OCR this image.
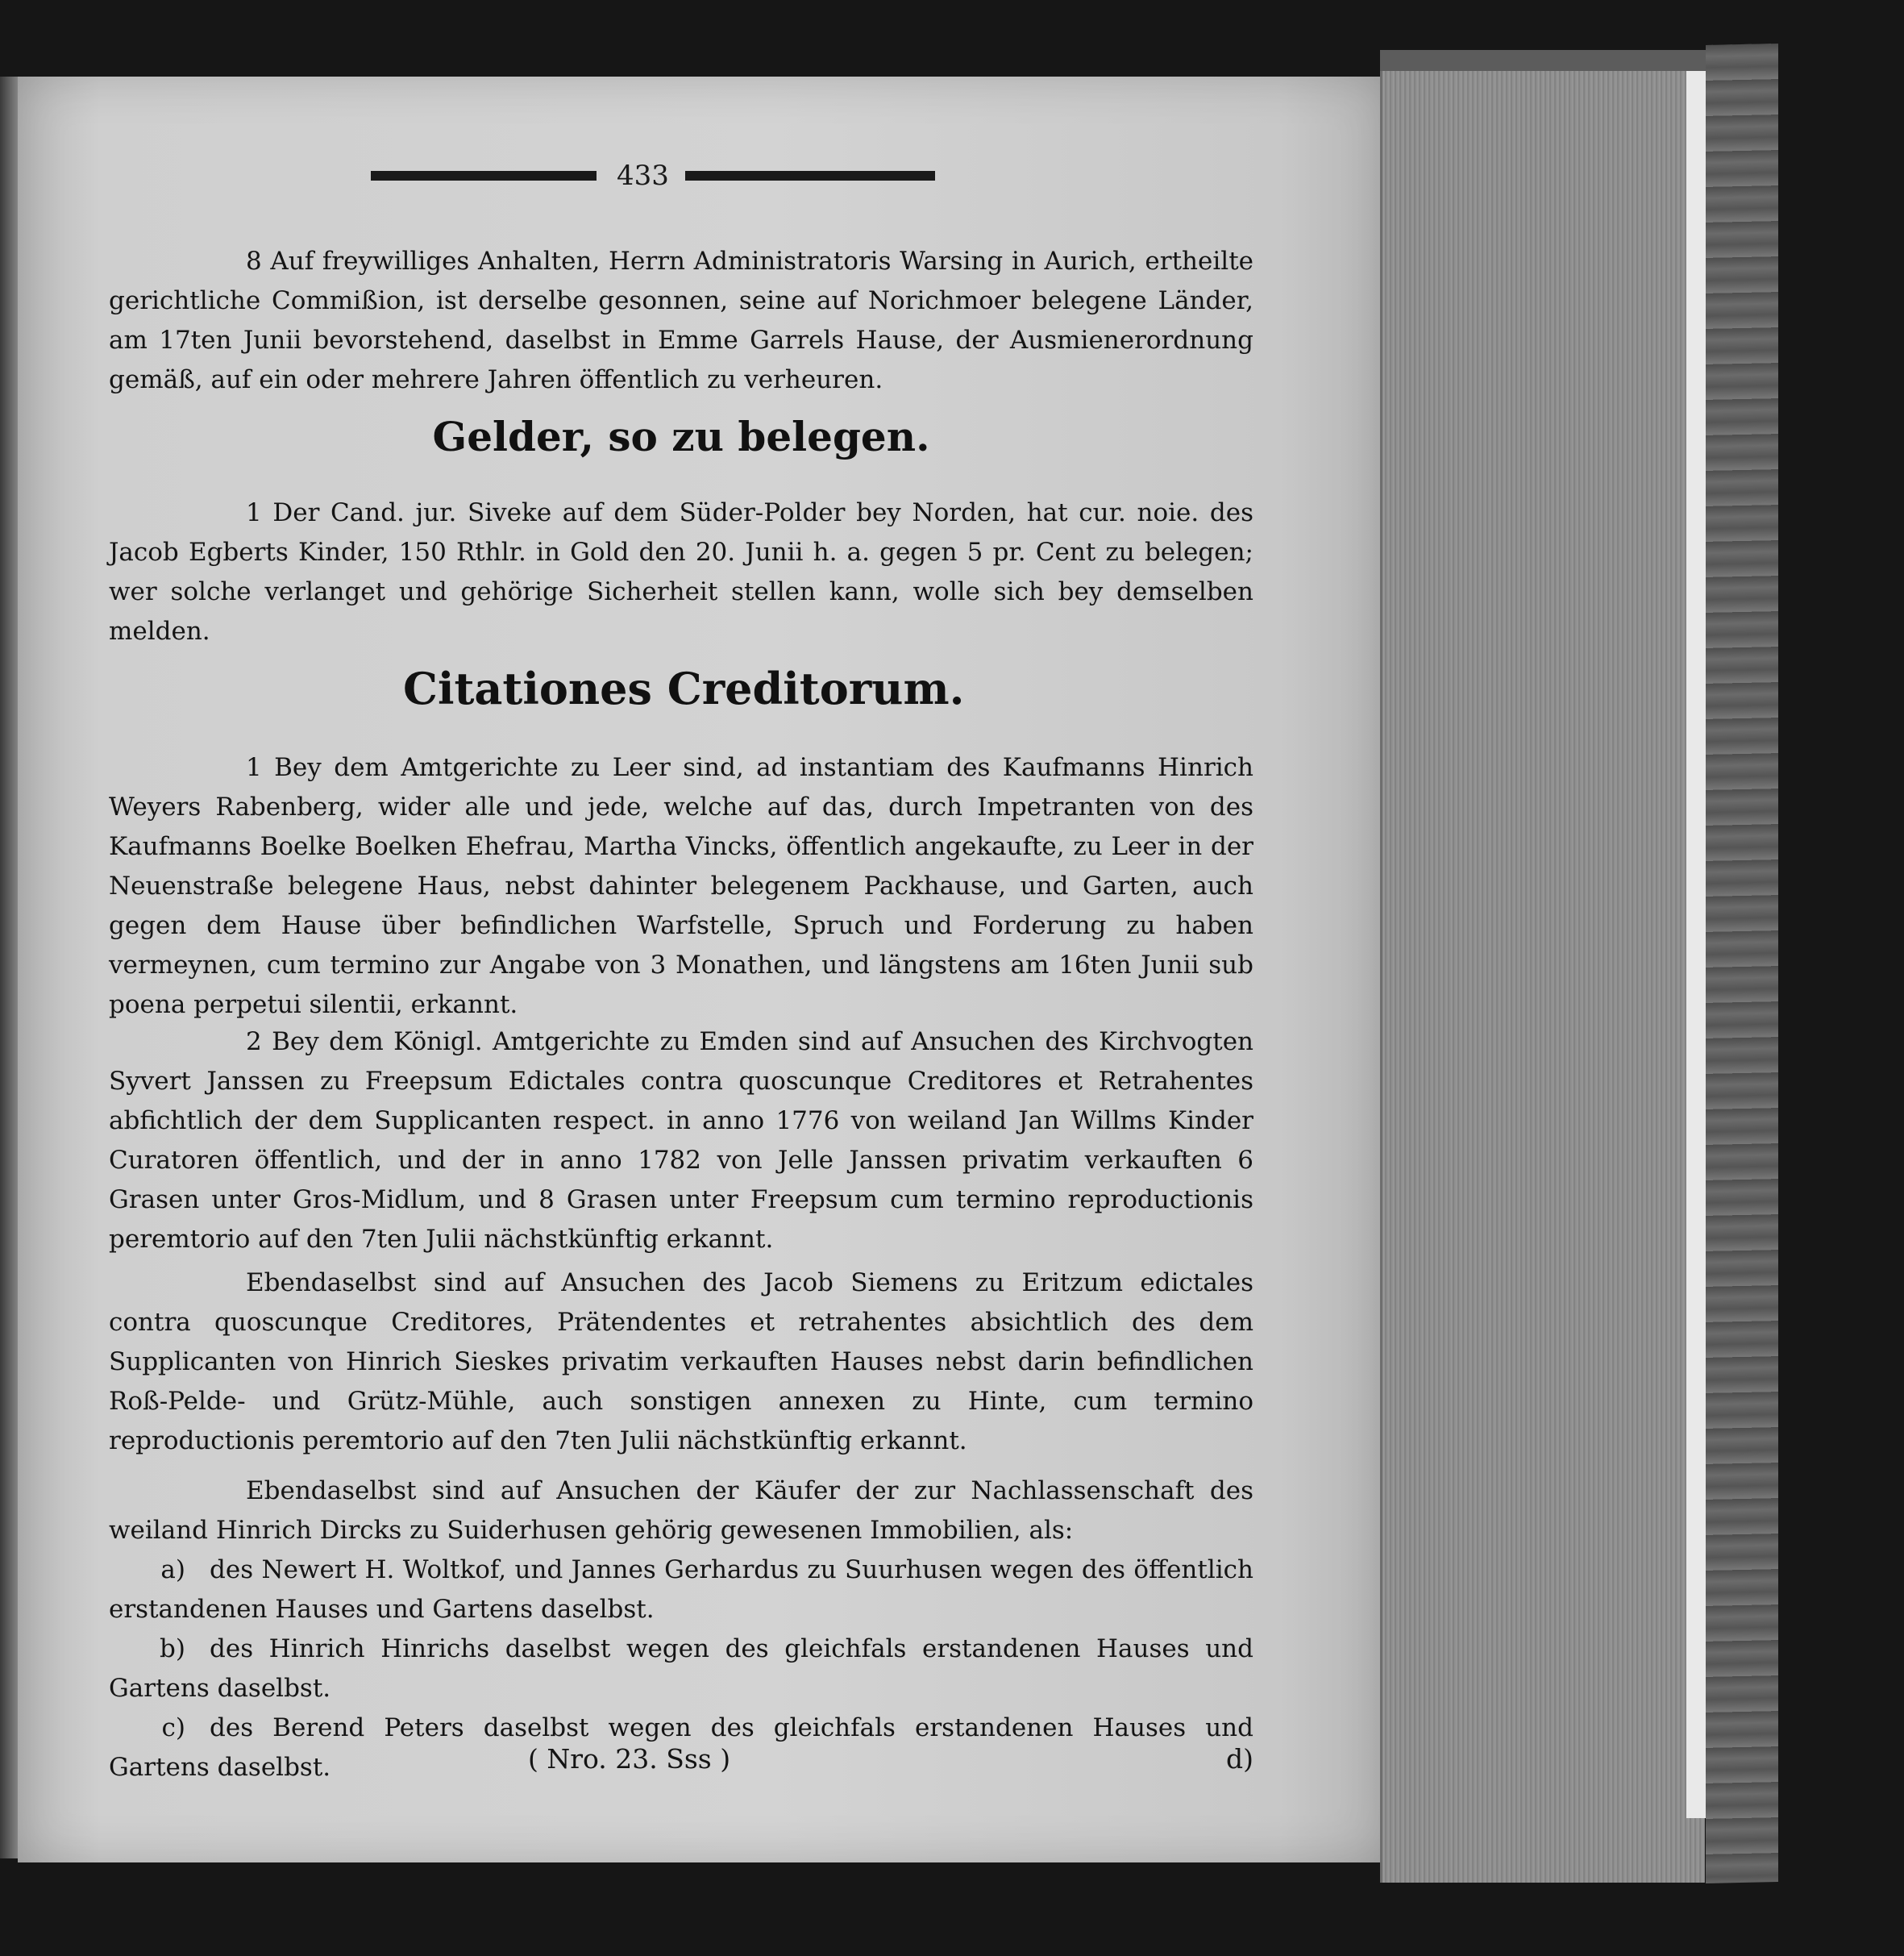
433

8 Auf freywilliges Anhalten, Herrn Administratoris Warsing in Aurich, ertheilte gerichtliche Commißion, ist derselbe gesonnen, seine auf Norichmoer belegene Länder, am 17ten Junii bevorstehend, daselbst in Emme Garrels Hause, der Ausmienerordnung gemäß, auf ein oder mehrere Jahren öffentlich zu verheuren.

Gelder, so zu belegen.

1 Der Cand. jur. Siveke auf dem Süder-Polder bey Norden, hat cur. noie. des Jacob Egberts Kinder, 150 Rthlr. in Gold den 20. Junii h. a. gegen 5 pr. Cent zu belegen; wer solche verlanget und gehörige Sicherheit stellen kann, wolle sich bey demselben melden.

Citationes Creditorum.

1 Bey dem Amtgerichte zu Leer sind, ad instantiam des Kaufmanns Hinrich Weyers Rabenberg, wider alle und jede, welche auf das, durch Impetranten von des Kaufmanns Boelke Boelken Ehefrau, Martha Vincks, öffentlich angekaufte, zu Leer in der Neuenstraße belegene Haus, nebst dahinter belegenem Packhause, und Garten, auch gegen dem Hause über befindlichen Warfstelle, Spruch und Forderung zu haben vermeynen, cum termino zur Angabe von 3 Monathen, und längstens am 16ten Junii sub poena perpetui silentii, erkannt.

2 Bey dem Königl. Amtgerichte zu Emden sind auf Ansuchen des Kirchvogten Syvert Janssen zu Freepsum Edictales contra quoscunque Creditores et Retrahentes abfichtlich der dem Supplicanten respect. in anno 1776 von weiland Jan Willms Kinder Curatoren öffentlich, und der in anno 1782 von Jelle Janssen privatim verkauften 6 Grasen unter Gros-Midlum, und 8 Grasen unter Freepsum cum termino reproductionis peremtorio auf den 7ten Julii nächstkünftig erkannt.

Ebendaselbst sind auf Ansuchen des Jacob Siemens zu Eritzum edictales contra quoscunque Creditores, Prätendentes et retrahentes absichtlich des dem Supplicanten von Hinrich Sieskes privatim verkauften Hauses nebst darin befindlichen Roß-Pelde- und Grütz-Mühle, auch sonstigen annexen zu Hinte, cum termino reproductionis peremtorio auf den 7ten Julii nächstkünftig erkannt.

Ebendaselbst sind auf Ansuchen der Käufer der zur Nachlassenschaft des weiland Hinrich Dircks zu Suiderhusen gehörig gewesenen Immobilien, als:

a) des Newert H. Woltkof, und Jannes Gerhardus zu Suurhusen wegen des öffentlich erstandenen Hauses und Gartens daselbst.

b) des Hinrich Hinrichs daselbst wegen des gleichfals erstandenen Hauses und Gartens daselbst.

c) des Berend Peters daselbst wegen des gleichfals erstandenen Hauses und Gartens daselbst.	( Nro. 23. Sss )	d)
